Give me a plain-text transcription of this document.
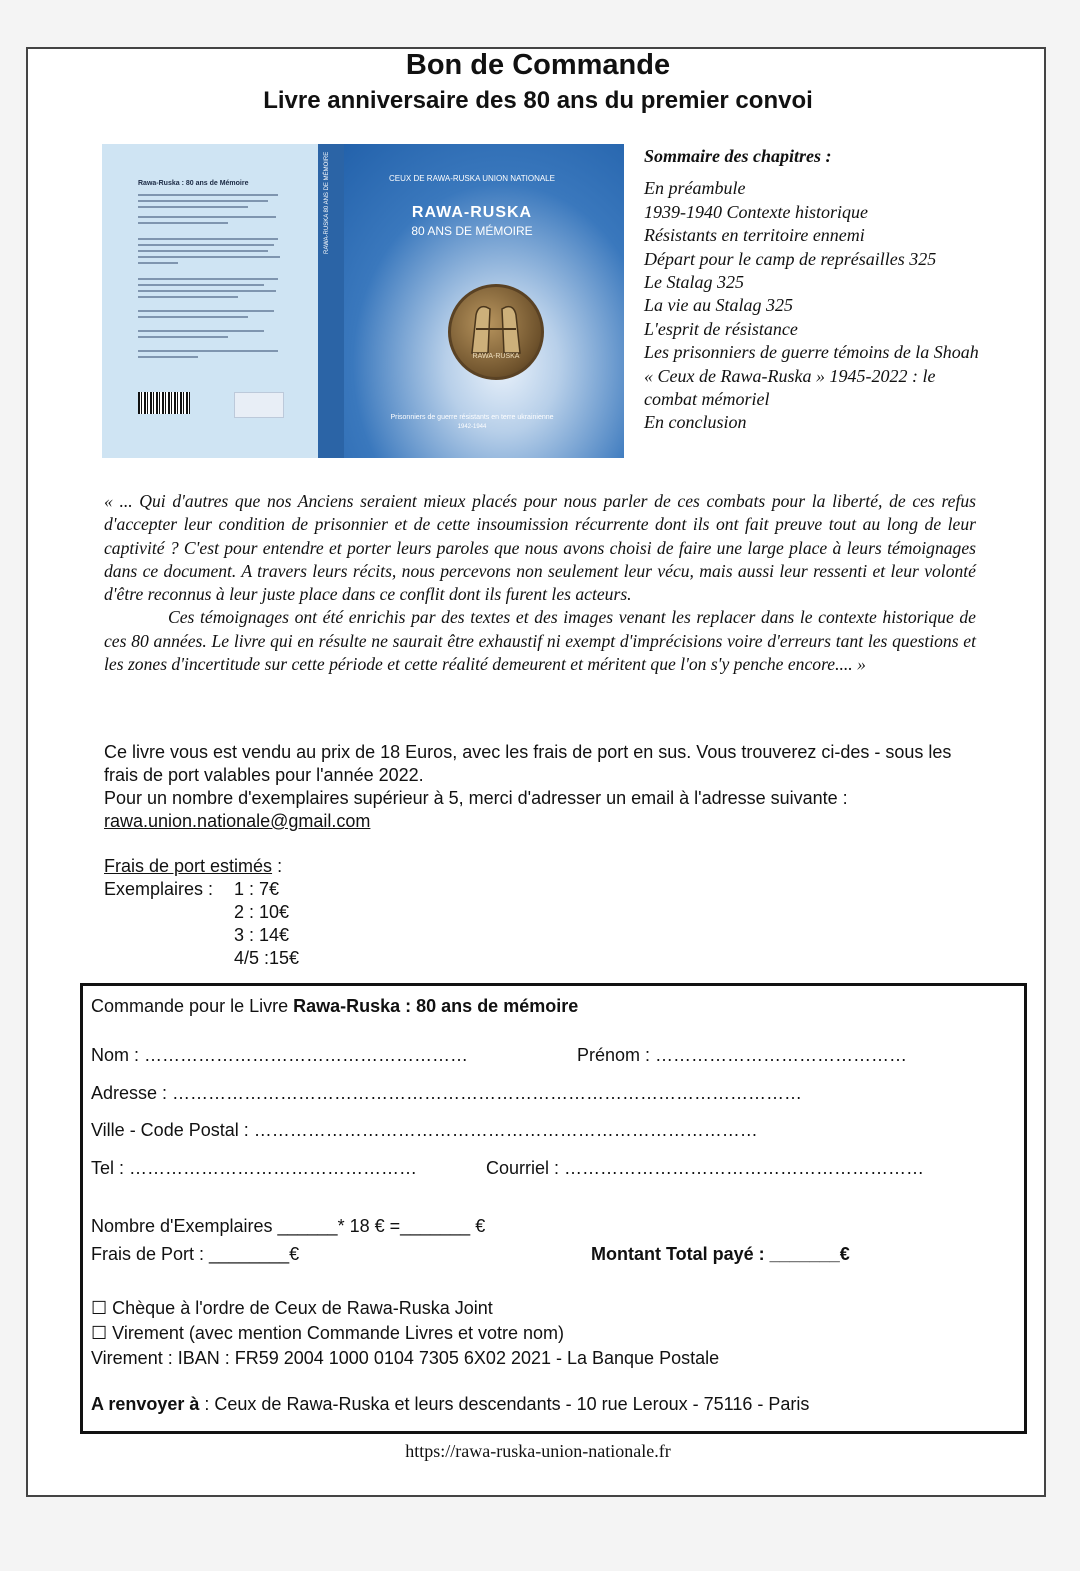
Bon de Commande
Livre anniversaire des 80 ans du premier convoi
Rawa-Ruska : 80 ans de Mémoire
CEUX DE RAWA-RUSKA UNION NATIONALE
RAWA-RUSKA
80 ANS DE MÉMOIRE
RAWA-RUSKA
Prisonniers de guerre résistants en terre ukrainienne
1942-1944
RAWA-RUSKA 80 ANS DE MÉMOIRE	Sommaire des chapitres :
En préambule
1939-1940 Contexte historique
Résistants en territoire ennemi
Départ pour le camp de représailles 325
Le Stalag 325
La vie au Stalag 325
L'esprit de résistance
Les prisonniers de guerre témoins de la Shoah
« Ceux de Rawa-Ruska » 1945-2022 : le combat mémoriel
En conclusion

« ... Qui d'autres que nos Anciens seraient mieux placés pour nous parler de ces combats pour la liberté, de ces refus d'accepter leur condition de prisonnier et de cette insoumission récurrente dont ils ont fait preuve tout au long de leur captivité ? C'est pour entendre et porter leurs paroles que nous avons choisi de faire une large place à leurs témoignages dans ce document. A travers leurs récits, nous percevons non seulement leur vécu, mais aussi leur ressenti et leur volonté d'être reconnus à leur juste place dans ce conflit dont ils furent les acteurs.

Ces témoignages ont été enrichis par des textes et des images venant les replacer dans le contexte historique de ces 80 années. Le livre qui en résulte ne saurait être exhaustif ni exempt d'imprécisions voire d'erreurs tant les questions et les zones d'incertitude sur cette période et cette réalité demeurent et méritent que l'on s'y penche encore.... »

Ce livre vous est vendu au prix de 18 Euros, avec les frais de port en sus. Vous trouverez ci-des - sous les frais de port valables pour l'année 2022.

Pour un nombre d'exemplaires supérieur à 5, merci d'adresser un email à l'adresse suivante :

rawa.union.nationale@gmail.com

Frais de port estimés :
Exemplaires : 1 : 7€
2 : 10€
3 : 14€
4/5 :15€
Commande pour le Livre Rawa-Ruska : 80 ans de mémoire
Nom : ………………………………………………	Prénom : ……………………………………
Adresse : ……………………………………………………………………………………………
Ville - Code Postal : …………………………………………………………………………
Tel : …………………………………………	Courriel : ……………………………………………………
Nombre d'Exemplaires ______* 18 € =_______ €
Frais de Port : ________€	Montant Total payé : _______€
☐ Chèque à l'ordre de Ceux de Rawa-Ruska Joint
☐ Virement (avec mention Commande Livres et votre nom)
Virement : IBAN : FR59 2004 1000 0104 7305 6X02 2021 - La Banque Postale
A renvoyer à : Ceux de Rawa-Ruska et leurs descendants - 10 rue Leroux - 75116 - Paris
https://rawa-ruska-union-nationale.fr
